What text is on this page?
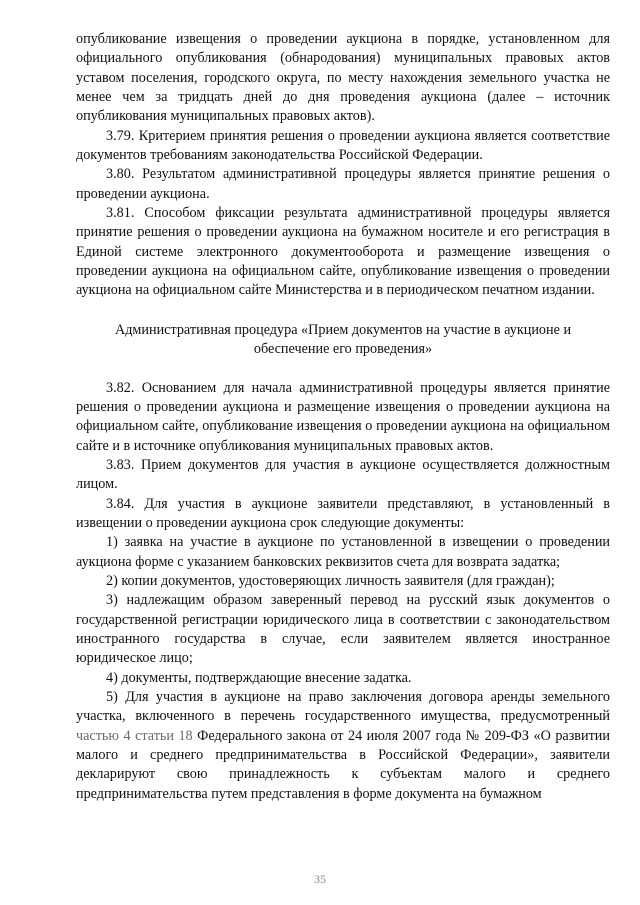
опубликование извещения о проведении аукциона в порядке, установленном для официального опубликования (обнародования) муниципальных правовых актов уставом поселения, городского округа, по месту нахождения земельного участка не менее чем за тридцать дней до дня проведения аукциона (далее – источник опубликования муниципальных правовых актов).

3.79. Критерием принятия решения о проведении аукциона является соответствие документов требованиям законодательства Российской Федерации.

3.80. Результатом административной процедуры является принятие решения о проведении аукциона.

3.81. Способом фиксации результата административной процедуры является принятие решения о проведении аукциона на бумажном носителе и его регистрация в Единой системе электронного документооборота и размещение извещения о проведении аукциона на официальном сайте, опубликование извещения о проведении аукциона на официальном сайте Министерства и в периодическом печатном издании.

Административная процедура «Прием документов на участие в аукционе и
обеспечение его проведения»

3.82. Основанием для начала административной процедуры является принятие решения о проведении аукциона и размещение извещения о проведении аукциона на официальном сайте, опубликование извещения о проведении аукциона на официальном сайте и в источнике опубликования муниципальных правовых актов.

3.83. Прием документов для участия в аукционе осуществляется должностным лицом.

3.84. Для участия в аукционе заявители представляют, в установленный в извещении о проведении аукциона срок следующие документы:

1) заявка на участие в аукционе по установленной в извещении о проведении аукциона форме с указанием банковских реквизитов счета для возврата задатка;

2) копии документов, удостоверяющих личность заявителя (для граждан);

3) надлежащим образом заверенный перевод на русский язык документов о государственной регистрации юридического лица в соответствии с законодательством иностранного государства в случае, если заявителем является иностранное юридическое лицо;

4) документы, подтверждающие внесение задатка.

5) Для участия в аукционе на право заключения договора аренды земельного участка, включенного в перечень государственного имущества, предусмотренный частью 4 статьи 18 Федерального закона от 24 июля 2007 года № 209-ФЗ «О развитии малого и среднего предпринимательства в Российской Федерации», заявители декларируют свою принадлежность к субъектам малого и среднего предпринимательства путем представления в форме документа на бумажном

35
